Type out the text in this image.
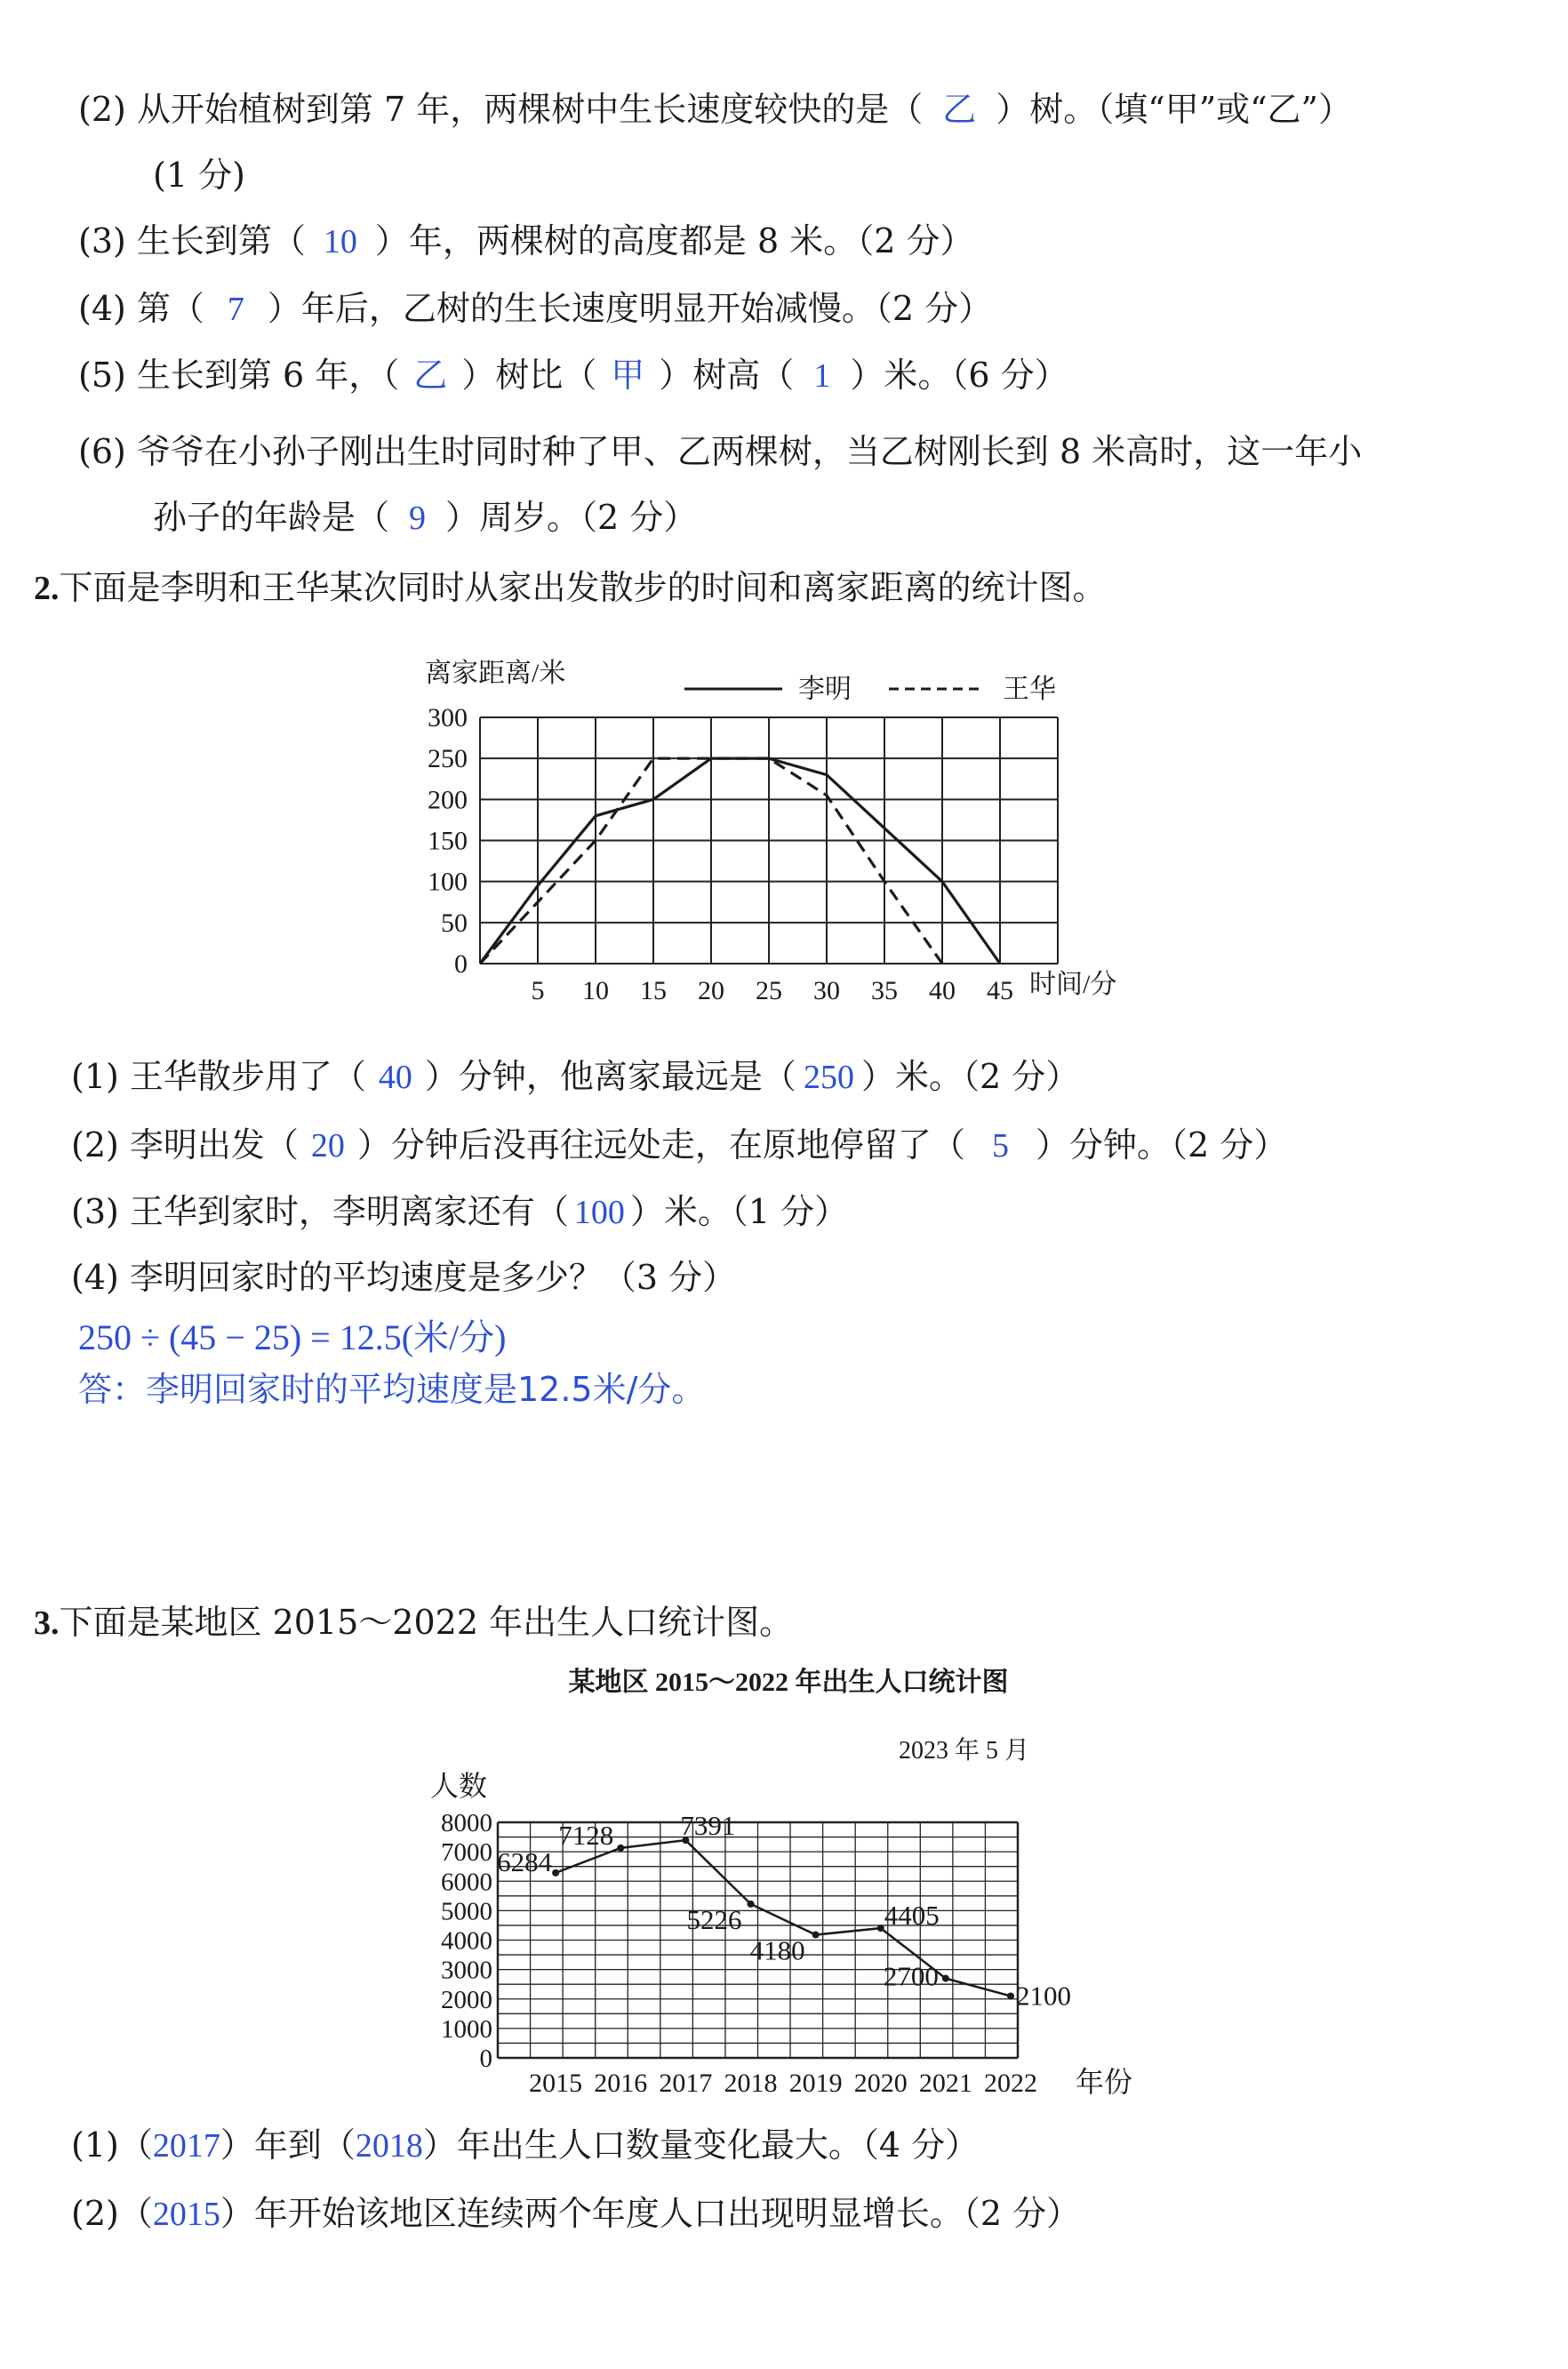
(2) 从开始植树到第 7 年，两棵树中生长速度较快的是（ 乙 ）树。（填“甲”或“乙”）
(1 分)
(3) 生长到第（ 10 ）年，两棵树的高度都是 8 米。（2 分）
(4) 第（ 7 ）年后，乙树的生长速度明显开始减慢。（2 分）
(5) 生长到第 6 年，（ 乙 ）树比（ 甲 ）树高（ 1 ）米。（6 分）
(6) 爷爷在小孙子刚出生时同时种了甲、乙两棵树，当乙树刚长到 8 米高时，这一年小
孙子的年龄是（ 9 ）周岁。（2 分）
2.下面是李明和王华某次同时从家出发散步的时间和离家距离的统计图。
0
50
100
150
200
250
300
5 10 15 20 25 30 35 40 45
离家距离/米
时间/分
李明	王华
(1) 王华散步用了（ 40 ）分钟，他离家最远是（ 250 ）米。（2 分）
(2) 李明出发（ 20 ）分钟后没再往远处走，在原地停留了（ 5 ）分钟。（2 分）
(3) 王华到家时，李明离家还有（ 100 ）米。（1 分）
(4) 李明回家时的平均速度是多少？（3 分）
250 ÷ (45 − 25) = 12.5(米/分)
答：李明回家时的平均速度是12.5米/分。
3.下面是某地区 2015～2022 年出生人口统计图。
某地区 2015～2022 年出生人口统计图
2023 年 5 月
人数
年份
0
1000
2000
3000
4000
5000
6000
7000
8000
2015 2016 2017 2018 2019 2020 2021 2022
6284
7128 7391
5226
4180
4405
2700
2100
(1)（2017）年到（2018）年出生人口数量变化最大。（4 分）
(2)（2015）年开始该地区连续两个年度人口出现明显增长。（2 分）
